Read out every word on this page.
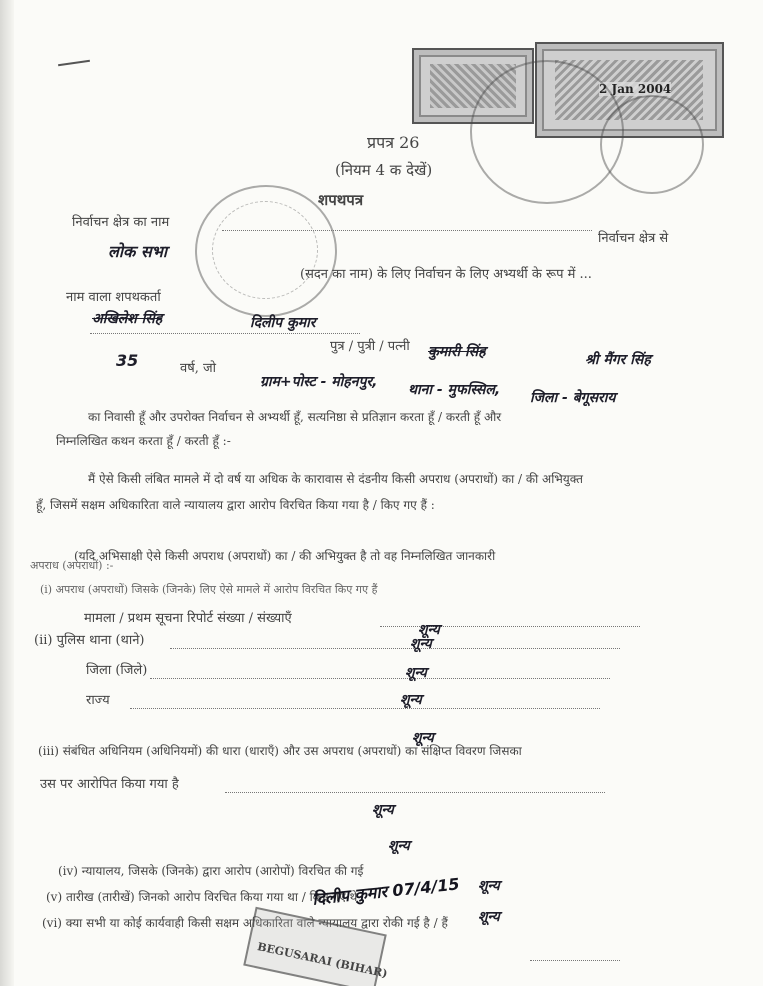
2 Jan 2004
प्रपत्र 26
(नियम 4 क देखें)
शपथपत्र
निर्वाचन क्षेत्र का नाम
निर्वाचन क्षेत्र से
लोक सभा
(सदन का नाम) के लिए निर्वाचन के लिए अभ्यर्थी के रूप में ...
नाम वाला शपथकर्ता
अखिलेश सिंह	दिलीप कुमार
पुत्र / पुत्री / पत्नी कुमारी सिंह	श्री मैंगर सिंह
35	वर्ष, जो
ग्राम+पोस्ट - मोहनपुर, थाना - मुफस्सिल, जिला - बेगूसराय
का निवासी हूँ और उपरोक्त निर्वाचन से अभ्यर्थी हूँ, सत्यनिष्ठा से प्रतिज्ञान करता हूँ / करती हूँ और
निम्नलिखित कथन करता हूँ / करती हूँ :-
मैं ऐसे किसी लंबित मामले में दो वर्ष या अधिक के कारावास से दंडनीय किसी अपराध (अपराधों) का / की अभियुक्त
हूँ, जिसमें सक्षम अधिकारिता वाले न्यायालय द्वारा आरोप विरचित किया गया है / किए गए हैं :
(यदि अभिसाक्षी ऐसे किसी अपराध (अपराधों) का / की अभियुक्त है तो वह निम्नलिखित जानकारी
अपराध (अपराधों) :-
(i) अपराध (अपराधों) जिसके (जिनके) लिए ऐसे मामले में आरोप विरचित किए गए हैं
मामला / प्रथम सूचना रिपोर्ट संख्या / संख्याएँ
शून्य
(ii) पुलिस थाना (थाने)	शून्य
जिला (जिले)	शून्य
राज्य	शून्य
(iii) संबंधित अधिनियम (अधिनियमों) की धारा (धाराएँ) और उस अपराध (अपराधों) का संक्षिप्त विवरण जिसका
शून्य
उस पर आरोपित किया गया है
शून्य
(iv) न्यायालय, जिसके (जिनके) द्वारा आरोप (आरोपों) विरचित की गई
शून्य
(v) तारीख (तारीखें) जिनको आरोप विरचित किया गया था / किए गए थे
शून्य
(vi) क्या सभी या कोई कार्यवाही किसी सक्षम अधिकारिता वाले न्यायालय द्वारा रोकी गई है / हैं शून्य
दिलीप कुमार 07/4/15
BEGUSARAI (BIHAR)
